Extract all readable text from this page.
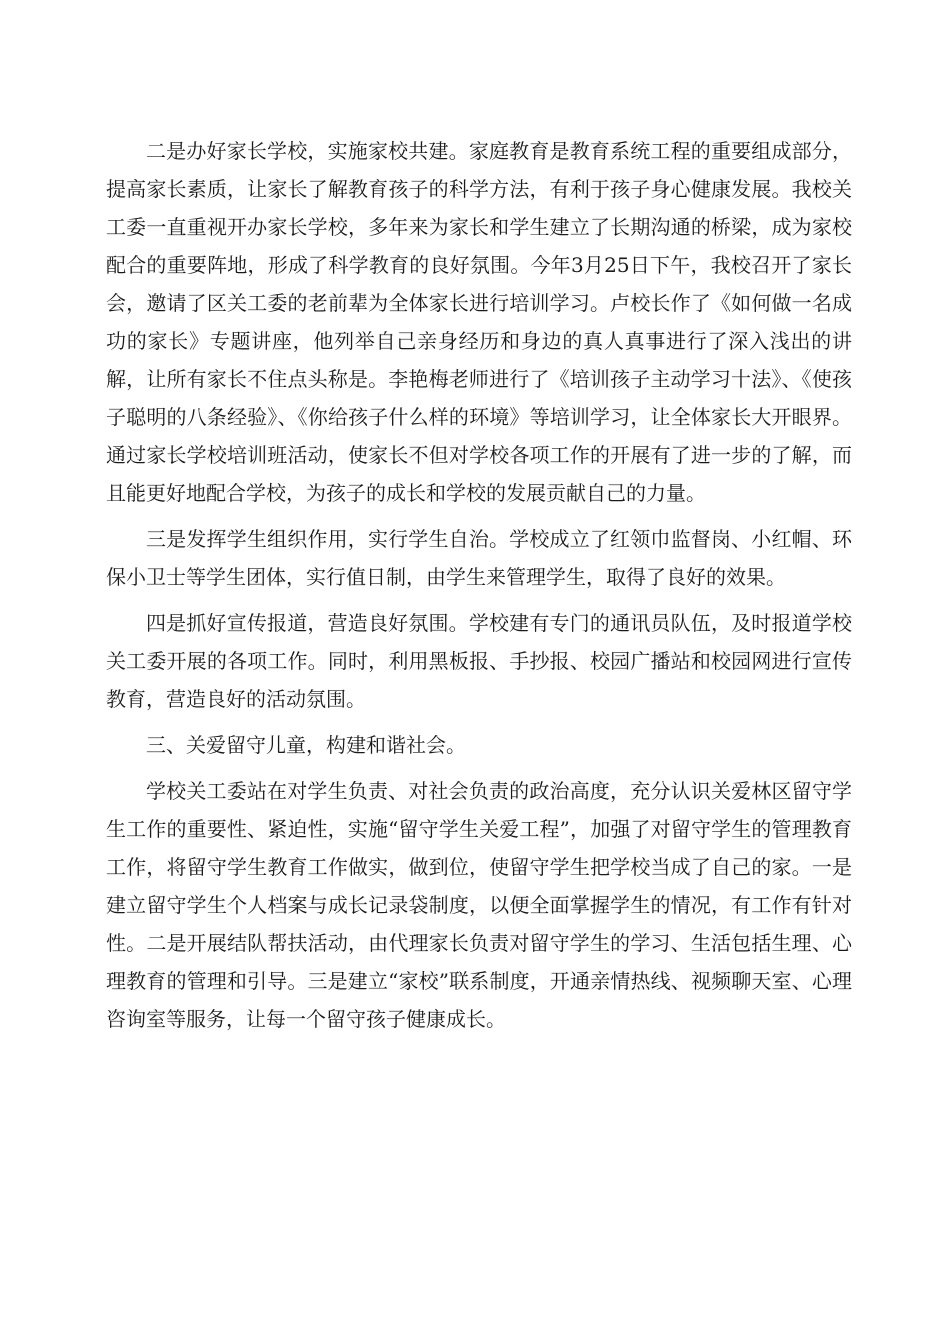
二是办好家长学校，实施家校共建。家庭教育是教育系统工程的重要组成部分，提高家长素质，让家长了解教育孩子的科学方法，有利于孩子身心健康发展。我校关工委一直重视开办家长学校，多年来为家长和学生建立了长期沟通的桥梁，成为家校配合的重要阵地，形成了科学教育的良好氛围。今年3月25日下午，我校召开了家长会，邀请了区关工委的老前辈为全体家长进行培训学习。卢校长作了《如何做一名成功的家长》专题讲座，他列举自己亲身经历和身边的真人真事进行了深入浅出的讲解，让所有家长不住点头称是。李艳梅老师进行了《培训孩子主动学习十法》、《使孩子聪明的八条经验》、《你给孩子什么样的环境》等培训学习，让全体家长大开眼界。通过家长学校培训班活动，使家长不但对学校各项工作的开展有了进一步的了解，而且能更好地配合学校，为孩子的成长和学校的发展贡献自己的力量。

三是发挥学生组织作用，实行学生自治。学校成立了红领巾监督岗、小红帽、环保小卫士等学生团体，实行值日制，由学生来管理学生，取得了良好的效果。

四是抓好宣传报道，营造良好氛围。学校建有专门的通讯员队伍，及时报道学校关工委开展的各项工作。同时，利用黑板报、手抄报、校园广播站和校园网进行宣传教育，营造良好的活动氛围。

三、关爱留守儿童，构建和谐社会。

学校关工委站在对学生负责、对社会负责的政治高度，充分认识关爱林区留守学生工作的重要性、紧迫性，实施“留守学生关爱工程”，加强了对留守学生的管理教育工作，将留守学生教育工作做实，做到位，使留守学生把学校当成了自己的家。一是建立留守学生个人档案与成长记录袋制度，以便全面掌握学生的情况，有工作有针对性。二是开展结队帮扶活动，由代理家长负责对留守学生的学习、生活包括生理、心理教育的管理和引导。三是建立“家校”联系制度，开通亲情热线、视频聊天室、心理咨询室等服务，让每一个留守孩子健康成长。
